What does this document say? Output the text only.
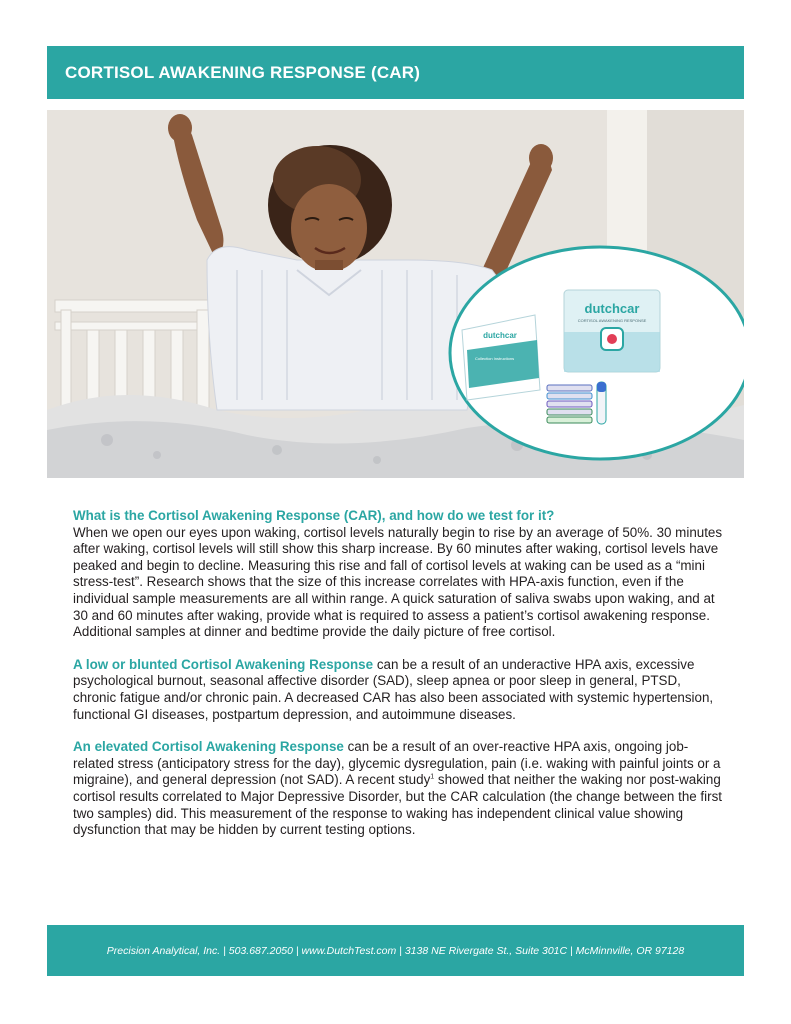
CORTISOL AWAKENING RESPONSE (CAR)
dutchcar
CORTISOL AWAKENING RESPONSE
dutchcar
Collection Instructions
What is the Cortisol Awakening Response (CAR), and how do we test for it?
When we open our eyes upon waking, cortisol levels naturally begin to rise by an average of 50%. 30 minutes after waking, cortisol levels will still show this sharp increase. By 60 minutes after waking, cortisol levels have peaked and begin to decline. Measuring this rise and fall of cortisol levels at waking can be used as a “mini stress-test”. Research shows that the size of this increase correlates with HPA-axis function, even if the individual sample measurements are all within range. A quick saturation of saliva swabs upon waking, and at 30 and 60 minutes after waking, provide what is required to assess a patient’s cortisol awakening response. Additional samples at dinner and bedtime provide the daily picture of free cortisol.
A low or blunted Cortisol Awakening Response can be a result of an underactive HPA axis, excessive psychological burnout, seasonal affective disorder (SAD), sleep apnea or poor sleep in general, PTSD, chronic fatigue and/or chronic pain. A decreased CAR has also been associated with systemic hypertension, functional GI diseases, postpartum depression, and autoimmune diseases.
An elevated Cortisol Awakening Response can be a result of an over-reactive HPA axis, ongoing job-related stress (anticipatory stress for the day), glycemic dysregulation, pain (i.e. waking with painful joints or a migraine), and general depression (not SAD). A recent study$^1$ showed that neither the waking nor post-waking cortisol results correlated to Major Depressive Disorder, but the CAR calculation (the change between the first two samples) did. This measurement of the response to waking has independent clinical value showing dysfunction that may be hidden by current testing options.
Precision Analytical, Inc. | 503.687.2050 | www.DutchTest.com | 3138 NE Rivergate St., Suite 301C | McMinnville, OR 97128
